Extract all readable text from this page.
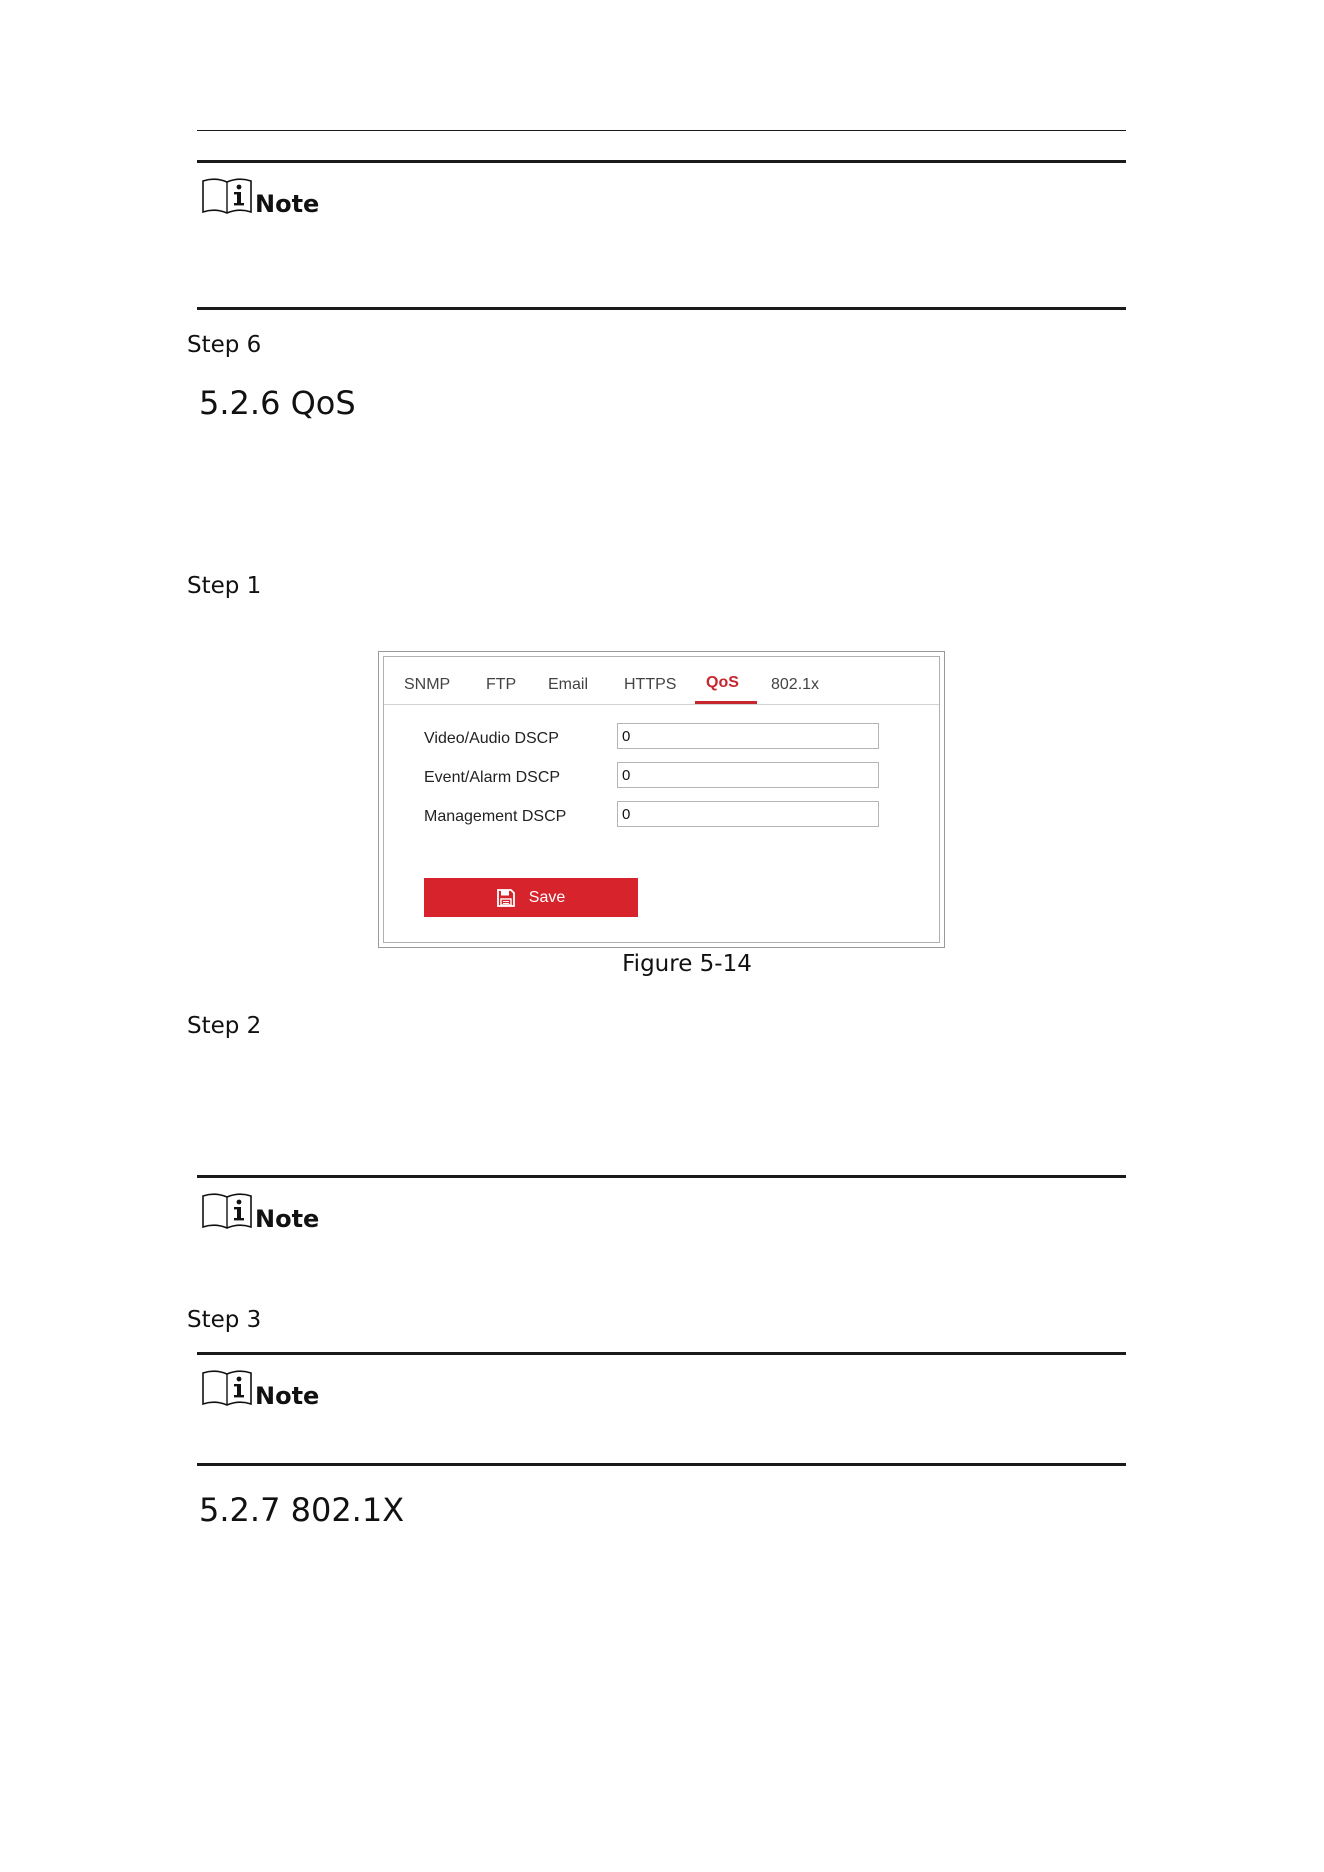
Note
Step 6
5.2.6 QoS
Step 1
SNMP FTP Email HTTPS QoS 802.1x
Video/Audio DSCP
0
Event/Alarm DSCP
0
Management DSCP
0
Save
Figure 5-14
Step 2
Note
Step 3
Note
5.2.7 802.1X
